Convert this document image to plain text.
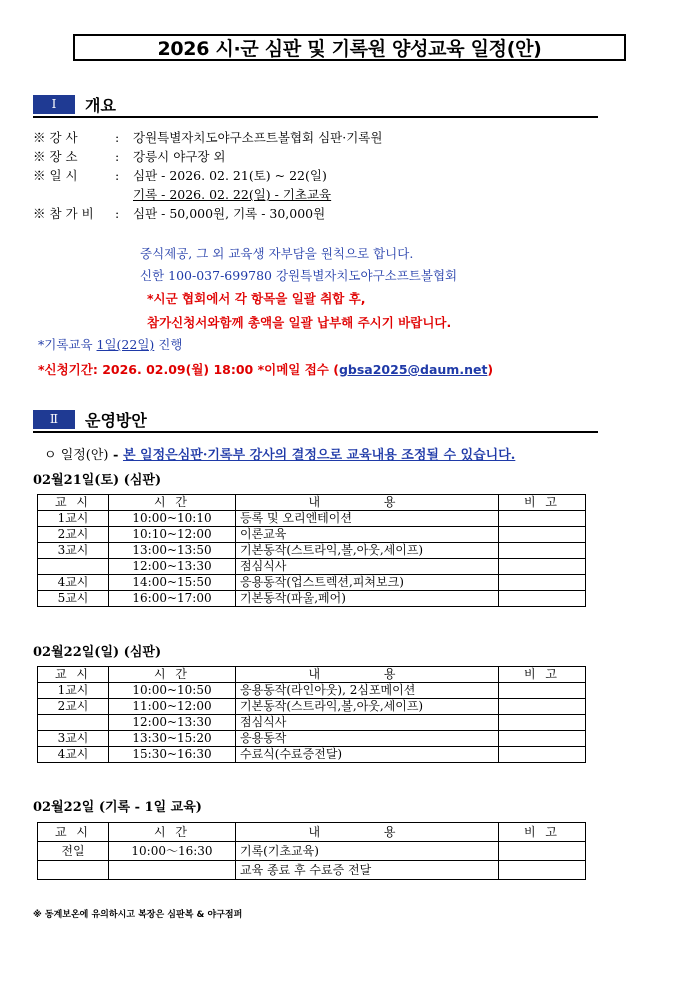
2026 시·군 심판 및 기록원 양성교육 일정(안)
Ⅰ	개요
※ 강 사	: 강원특별자치도야구소프트볼협회 심판·기록원
※ 장 소	: 강릉시 야구장 외
※ 일 시	: 심판 - 2026. 02. 21(토) ~ 22(일)
기록 - 2026. 02. 22(일) - 기초교육
※ 참 가 비 : 심판 - 50,000원, 기록 - 30,000원
중식제공, 그 외 교육생 자부담을 원칙으로 합니다.
신한 100-037-699780 강원특별자치도야구소프트볼협회
*시군 협회에서 각 항목을 일괄 취합 후,
참가신청서와함께 총액을 일괄 납부해 주시기 바랍니다.
*기록교육 1일(22일) 진행
*신청기간: 2026. 02.09(월) 18:00 *이메일 접수 (gbsa2025@daum.net)
Ⅱ	운영방안
ㅇ 일정(안) - 본 일정은심판·기록부 강사의 결정으로 교육내용 조정될 수 있습니다.
02월21일(토) (심판)
교 시	시 간	내 용	비 고
1교시	10:00~10:10	등록 및 오리엔테이션	
2교시	10:10~12:00	이론교육	
3교시	13:00~13:50	기본동작(스트라익,볼,아웃,세이프)	
	12:00~13:30	점심식사	
4교시	14:00~15:50	응용동작(업스트렉션,피쳐보크)	
5교시	16:00~17:00	기본동작(파울,페어)	
02월22일(일) (심판)
교 시	시 간	내 용	비 고
1교시	10:00~10:50	응용동작(라인아웃), 2심포메이션	
2교시	11:00~12:00	기본동작(스트라익,볼,아웃,세이프)	
	12:00~13:30	점심식사	
3교시	13:30~15:20	응용동작	
4교시	15:30~16:30	수료식(수료증전달)	
02월22일 (기록 - 1일 교육)
교 시	시 간	내 용	비 고
전일	10:00～16:30	기록(기초교육)	
		교육 종료 후 수료증 전달	
※ 동계보온에 유의하시고 복장은 심판복 & 야구점퍼
